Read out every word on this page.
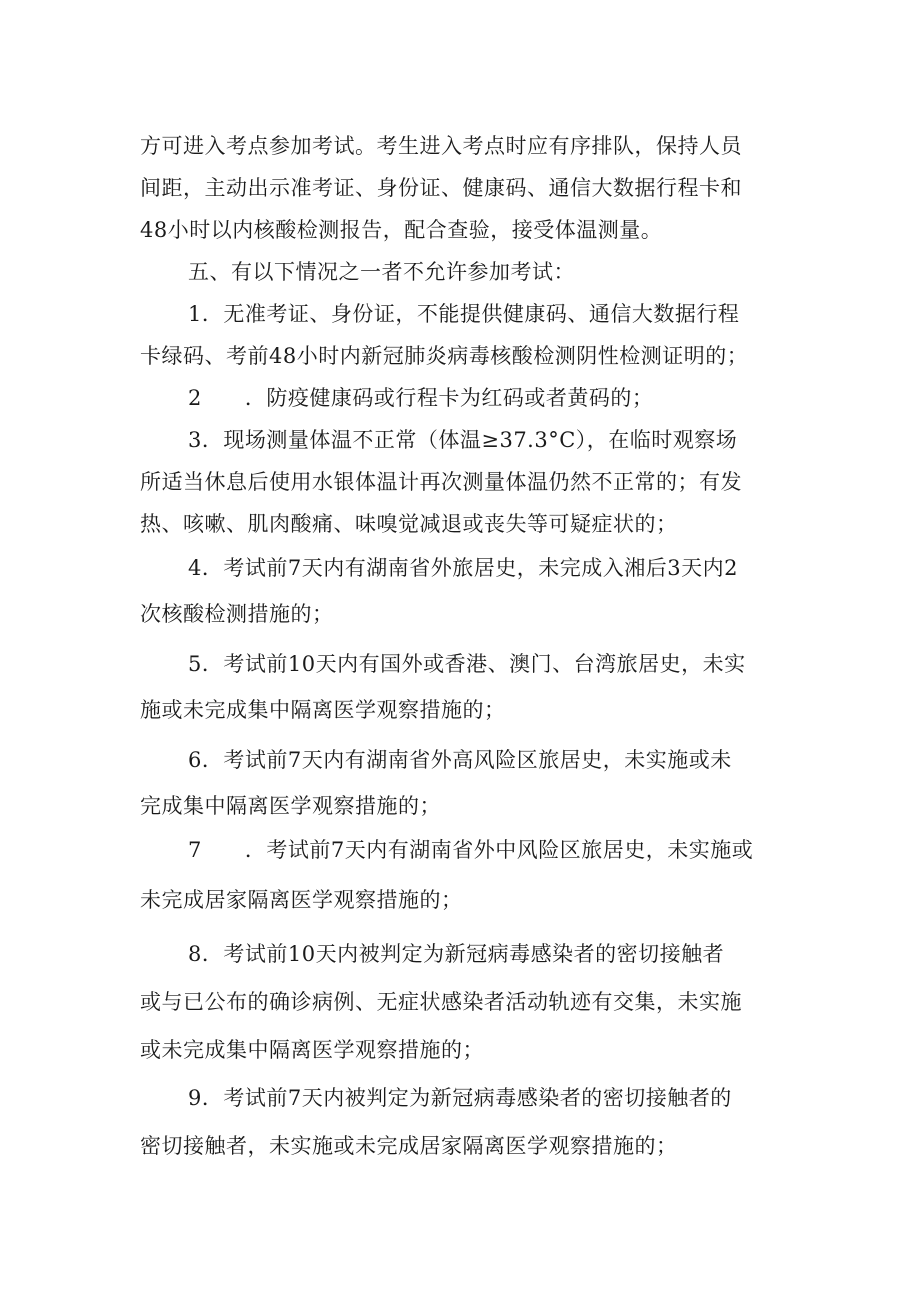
方可进入考点参加考试。考生进入考点时应有序排队，保持人员
间距，主动出示准考证、身份证、健康码、通信大数据行程卡和
48小时以内核酸检测报告，配合查验，接受体温测量。
五、有以下情况之一者不允许参加考试：
1．无准考证、身份证，不能提供健康码、通信大数据行程
卡绿码、考前48小时内新冠肺炎病毒核酸检测阴性检测证明的；
2　　．防疫健康码或行程卡为红码或者黄码的；
3．现场测量体温不正常（体温≥37.3°C），在临时观察场
所适当休息后使用水银体温计再次测量体温仍然不正常的；有发
热、咳嗽、肌肉酸痛、味嗅觉减退或丧失等可疑症状的；
4．考试前7天内有湖南省外旅居史，未完成入湘后3天内2
次核酸检测措施的；
5．考试前10天内有国外或香港、澳门、台湾旅居史，未实
施或未完成集中隔离医学观察措施的；
6．考试前7天内有湖南省外高风险区旅居史，未实施或未
完成集中隔离医学观察措施的；
7　　．考试前7天内有湖南省外中风险区旅居史，未实施或
未完成居家隔离医学观察措施的；
8．考试前10天内被判定为新冠病毒感染者的密切接触者
或与已公布的确诊病例、无症状感染者活动轨迹有交集，未实施
或未完成集中隔离医学观察措施的；
9．考试前7天内被判定为新冠病毒感染者的密切接触者的
密切接触者，未实施或未完成居家隔离医学观察措施的；
